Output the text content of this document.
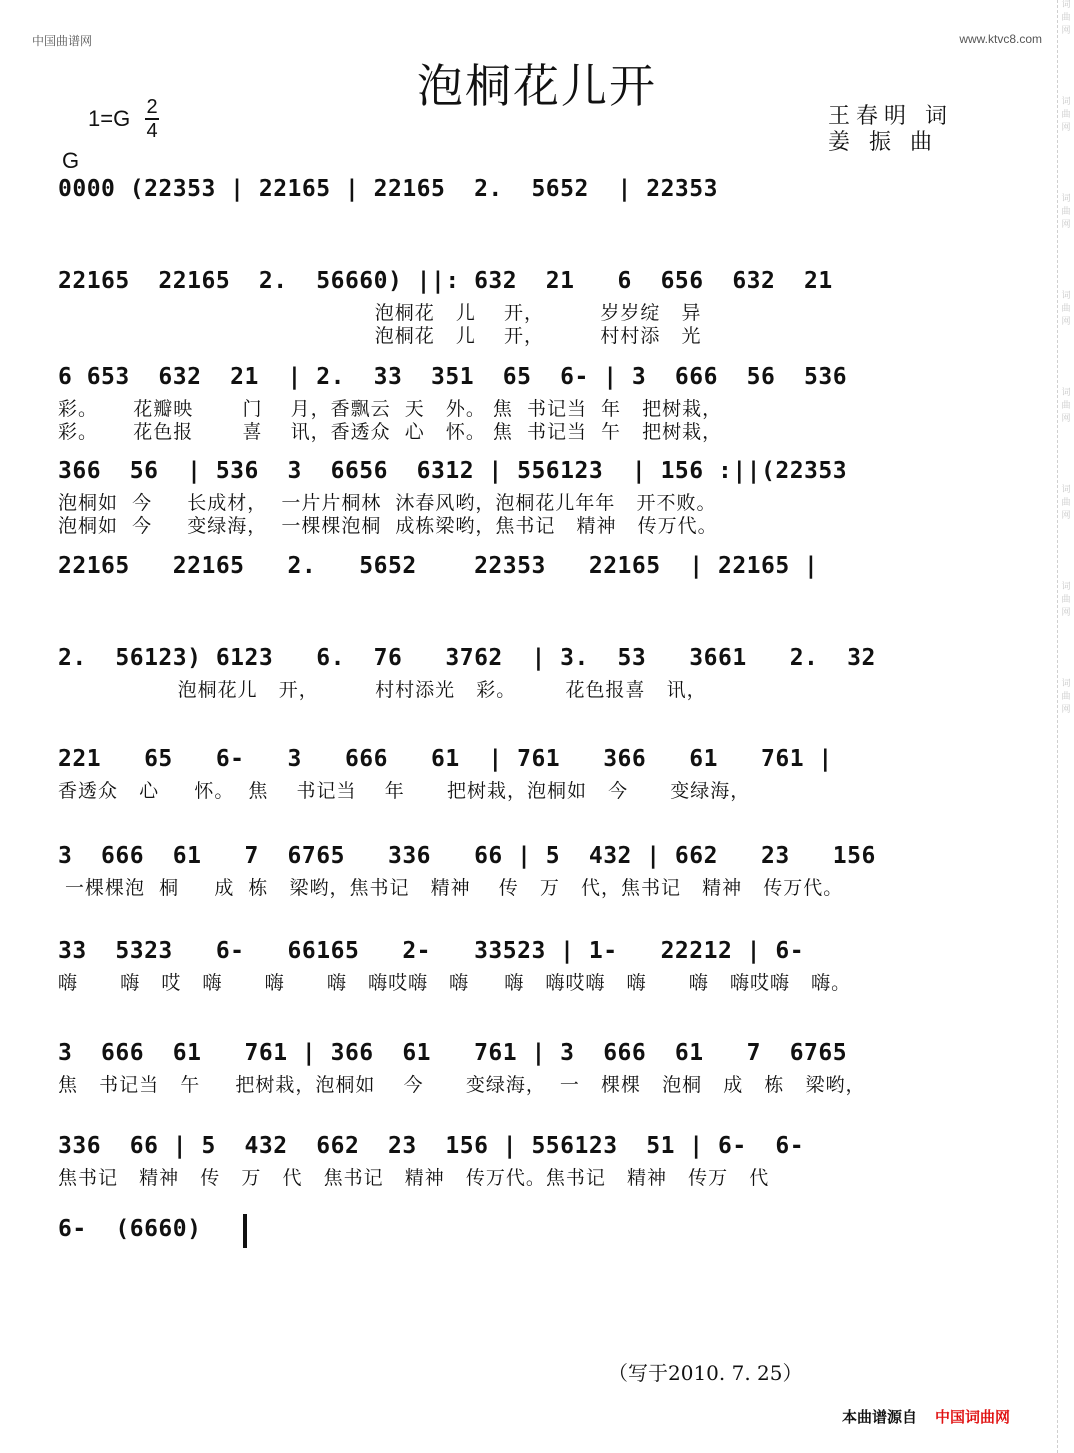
词
曲
网
词
曲
网
词
曲
网
词
曲
网
词
曲
网
词
曲
网
词
曲
网
词
曲
网
中国曲谱网	www.ktvc8.com
泡桐花儿开
1=G 2
4
G
王春明 词
姜 振 曲
0000 (22353 | 22165 | 22165  2.  5652  | 22353
22165  22165  2.  56660) ||: 632  21   6  656  632  21
泡桐花   儿    开，        岁岁绽   异
泡桐花   儿    开，        村村添   光
6 653  632  21  | 2.  33  351  65  6- | 3  666  56  536
彩。     花瓣映       门    月，香飘云  天   外。 焦  书记当  年   把树栽，
彩。     花色报       喜    讯，香透众  心   怀。 焦  书记当  午   把树栽，
366  56  | 536  3  6656  6312 | 556123  | 156 :||(22353
泡桐如  今     长成材，  一片片桐林  沐春风哟，泡桐花儿年年   开不败。
泡桐如  今     变绿海，  一棵棵泡桐  成栋梁哟，焦书记   精神   传万代。
22165   22165   2.   5652    22353   22165  | 22165 |
2.  56123) 6123   6.  76   3762  | 3.  53   3661   2.  32
泡桐花儿   开，        村村添光   彩。       花色报喜   讯，
221   65   6-   3   666   61  | 761   366   61   761 |
香透众   心     怀。  焦    书记当    年      把树栽，泡桐如   今      变绿海，
3  666  61   7  6765   336   66 | 5  432 | 662   23   156
一棵棵泡  桐     成  栋   梁哟，焦书记   精神    传   万   代，焦书记   精神   传万代。
33  5323   6-   66165   2-   33523 | 1-   22212 | 6-
嗨      嗨   哎   嗨      嗨      嗨   嗨哎嗨   嗨     嗨   嗨哎嗨   嗨      嗨   嗨哎嗨   嗨。
3  666  61   761 | 366  61   761 | 3  666  61   7  6765
焦   书记当   午     把树栽，泡桐如    今      变绿海，  一   棵棵   泡桐   成   栋   梁哟，
336  66 | 5  432  662  23  156 | 556123  51 | 6-  6-
焦书记   精神   传   万   代   焦书记   精神   传万代。焦书记   精神   传万   代
6-  (6660)
（写于2010. 7. 25）
本曲谱源自 中国词曲网
